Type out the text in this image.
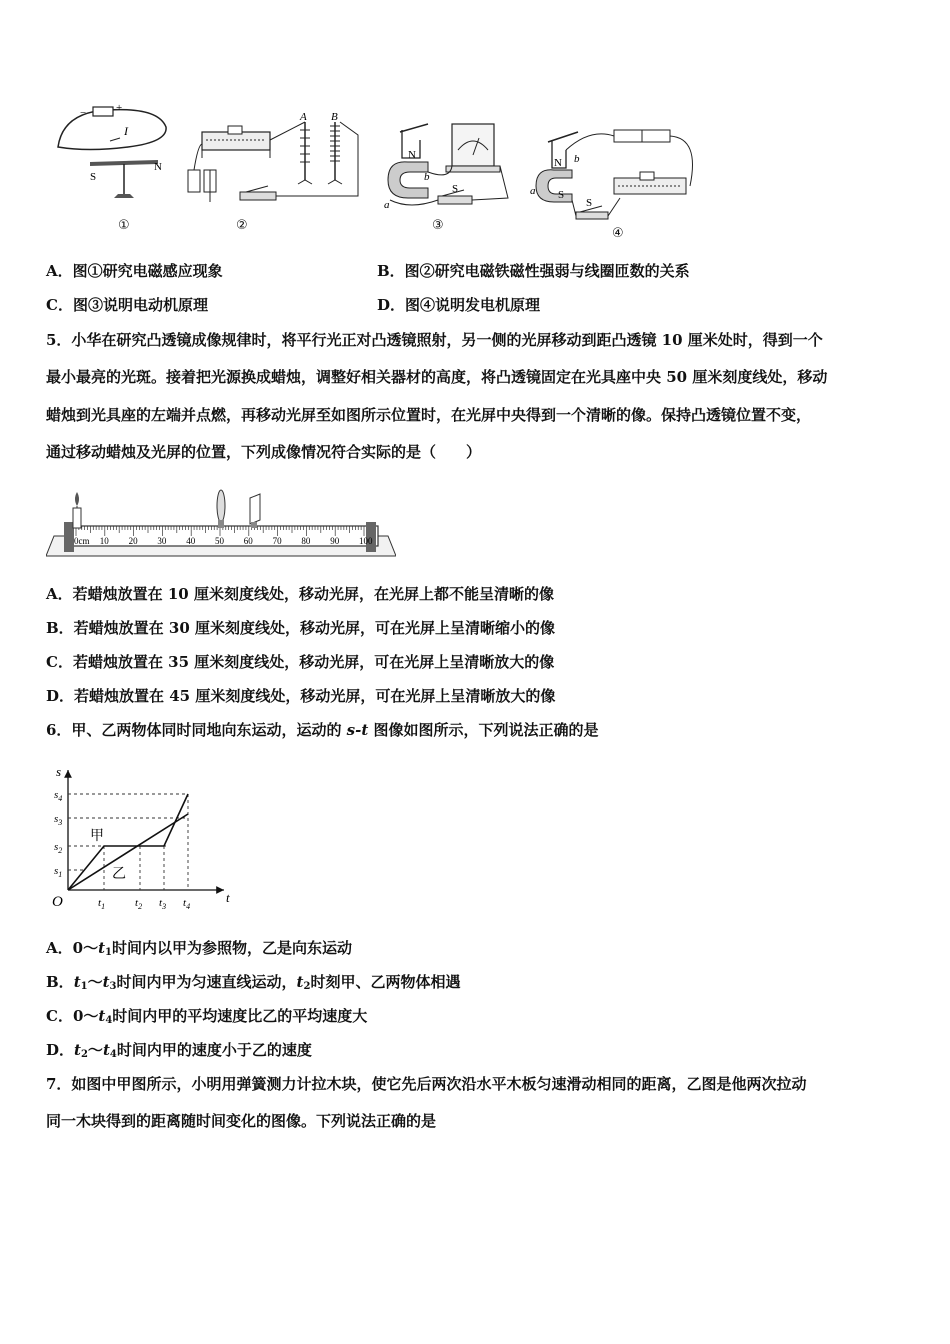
−	+
I
S
N
①
A B
②
N
a
b
S
③
N b
a S
S
④
A．图①研究电磁感应现象	B．图②研究电磁铁磁性强弱与线圈匝数的关系
C．图③说明电动机原理	D．图④说明发电机原理
5．小华在研究凸透镜成像规律时，将平行光正对凸透镜照射，另一侧的光屏移动到距凸透镜 10 厘米处时，得到一个
最小最亮的光斑。接着把光源换成蜡烛，调整好相关器材的高度，将凸透镜固定在光具座中央 50 厘米刻度线处，移动
蜡烛到光具座的左端并点燃，再移动光屏至如图所示位置时，在光屏中央得到一个清晰的像。保持凸透镜位置不变，
通过移动蜡烛及光屏的位置，下列成像情况符合实际的是（　　）
0cm 10 20 30 40 50 60 70 80 90 100
A．若蜡烛放置在 10 厘米刻度线处，移动光屏，在光屏上都不能呈清晰的像
B．若蜡烛放置在 30 厘米刻度线处，移动光屏，可在光屏上呈清晰缩小的像
C．若蜡烛放置在 35 厘米刻度线处，移动光屏，可在光屏上呈清晰放大的像
D．若蜡烛放置在 45 厘米刻度线处，移动光屏，可在光屏上呈清晰放大的像
6．甲、乙两物体同时同地向东运动，运动的 s-t 图像如图所示，下列说法正确的是
s
t
O
甲
乙
$s_1$
$s_2$
$s_3$
$s_4$
$t_1$	$t_2$ $t_3$ $t_4$
A．$0\sim t_1$时间内以甲为参照物，乙是向东运动
B．$t_1\sim t_3$时间内甲为匀速直线运动，$t_2$时刻甲、乙两物体相遇
C．$0\sim t_4$时间内甲的平均速度比乙的平均速度大
D．$t_2\sim t_4$时间内甲的速度小于乙的速度
7．如图中甲图所示，小明用弹簧测力计拉木块，使它先后两次沿水平木板匀速滑动相同的距离，乙图是他两次拉动
同一木块得到的距离随时间变化的图像。下列说法正确的是
